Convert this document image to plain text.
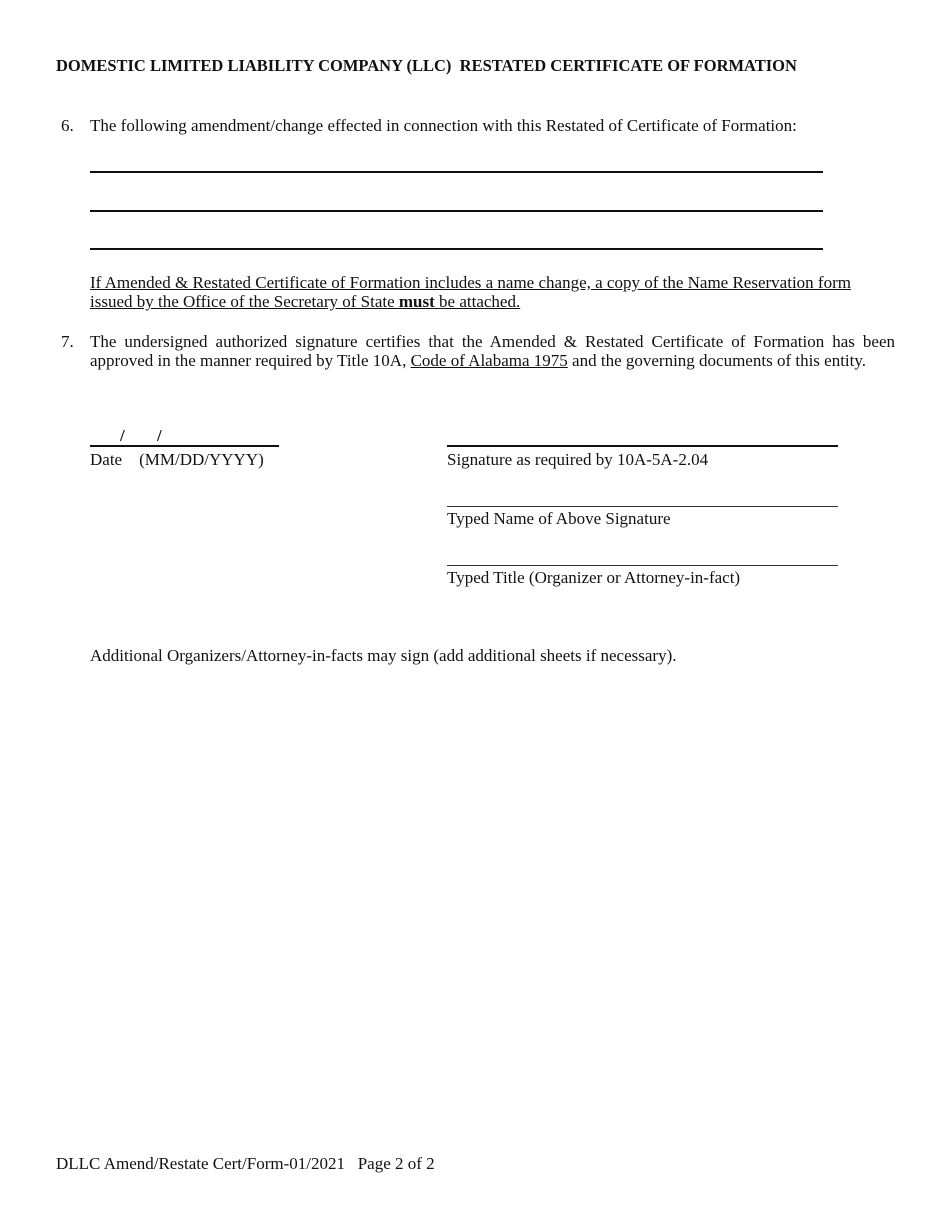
DOMESTIC LIMITED LIABILITY COMPANY (LLC)  RESTATED CERTIFICATE OF FORMATION
6. The following amendment/change effected in connection with this Restated of Certificate of Formation:
If Amended & Restated Certificate of Formation includes a name change, a copy of the Name Reservation form issued by the Office of the Secretary of State must be attached.
7. The undersigned authorized signature certifies that the Amended & Restated Certificate of Formation has been approved in the manner required by Title 10A, Code of Alabama 1975 and the governing documents of this entity.
/ /
Date    (MM/DD/YYYY)	Signature as required by 10A-5A-2.04
Typed Name of Above Signature
Typed Title (Organizer or Attorney-in-fact)
Additional Organizers/Attorney-in-facts may sign (add additional sheets if necessary).
DLLC Amend/Restate Cert/Form-01/2021 Page 2 of 2
